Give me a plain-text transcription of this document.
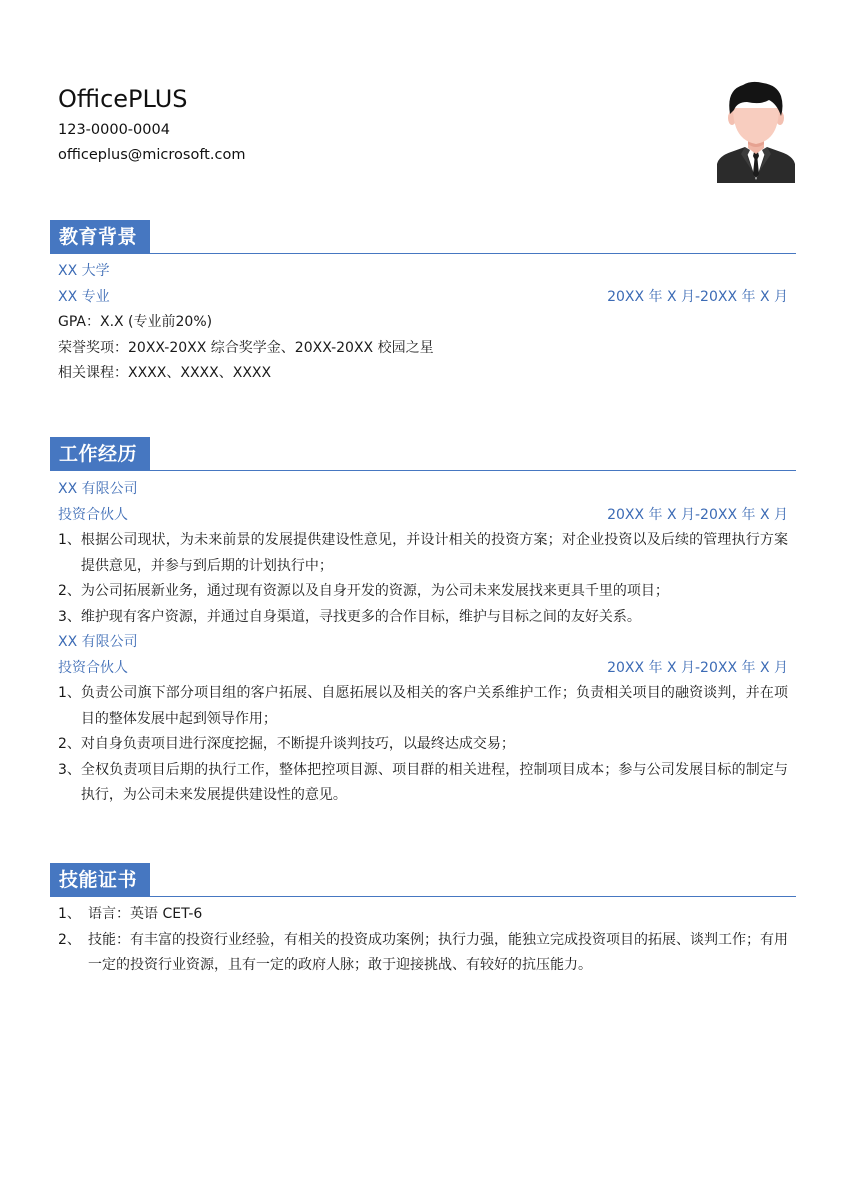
OfficePLUS
123-0000-0004
officeplus@microsoft.com
教育背景
XX 大学
XX 专业	20XX 年 X 月-20XX 年 X 月
GPA：X.X (专业前20%)
荣誉奖项：20XX-20XX 综合奖学金、20XX-20XX 校园之星
相关课程：XXXX、XXXX、XXXX
工作经历
XX 有限公司
投资合伙人	20XX 年 X 月-20XX 年 X 月
1、 根据公司现状，为未来前景的发展提供建设性意见，并设计相关的投资方案；对企业投资以及后续的管理执行方案提供意见，并参与到后期的计划执行中；
2、 为公司拓展新业务，通过现有资源以及自身开发的资源，为公司未来发展找来更具千里的项目；
3、 维护现有客户资源，并通过自身渠道，寻找更多的合作目标，维护与目标之间的友好关系。
XX 有限公司
投资合伙人	20XX 年 X 月-20XX 年 X 月
1、 负责公司旗下部分项目组的客户拓展、自愿拓展以及相关的客户关系维护工作；负责相关项目的融资谈判，并在项目的整体发展中起到领导作用；
2、 对自身负责项目进行深度挖掘，不断提升谈判技巧，以最终达成交易；
3、 全权负责项目后期的执行工作，整体把控项目源、项目群的相关进程，控制项目成本；参与公司发展目标的制定与执行，为公司未来发展提供建设性的意见。
技能证书
1、 语言：英语 CET-6
2、 技能：有丰富的投资行业经验，有相关的投资成功案例；执行力强，能独立完成投资项目的拓展、谈判工作；有用一定的投资行业资源，且有一定的政府人脉；敢于迎接挑战、有较好的抗压能力。
